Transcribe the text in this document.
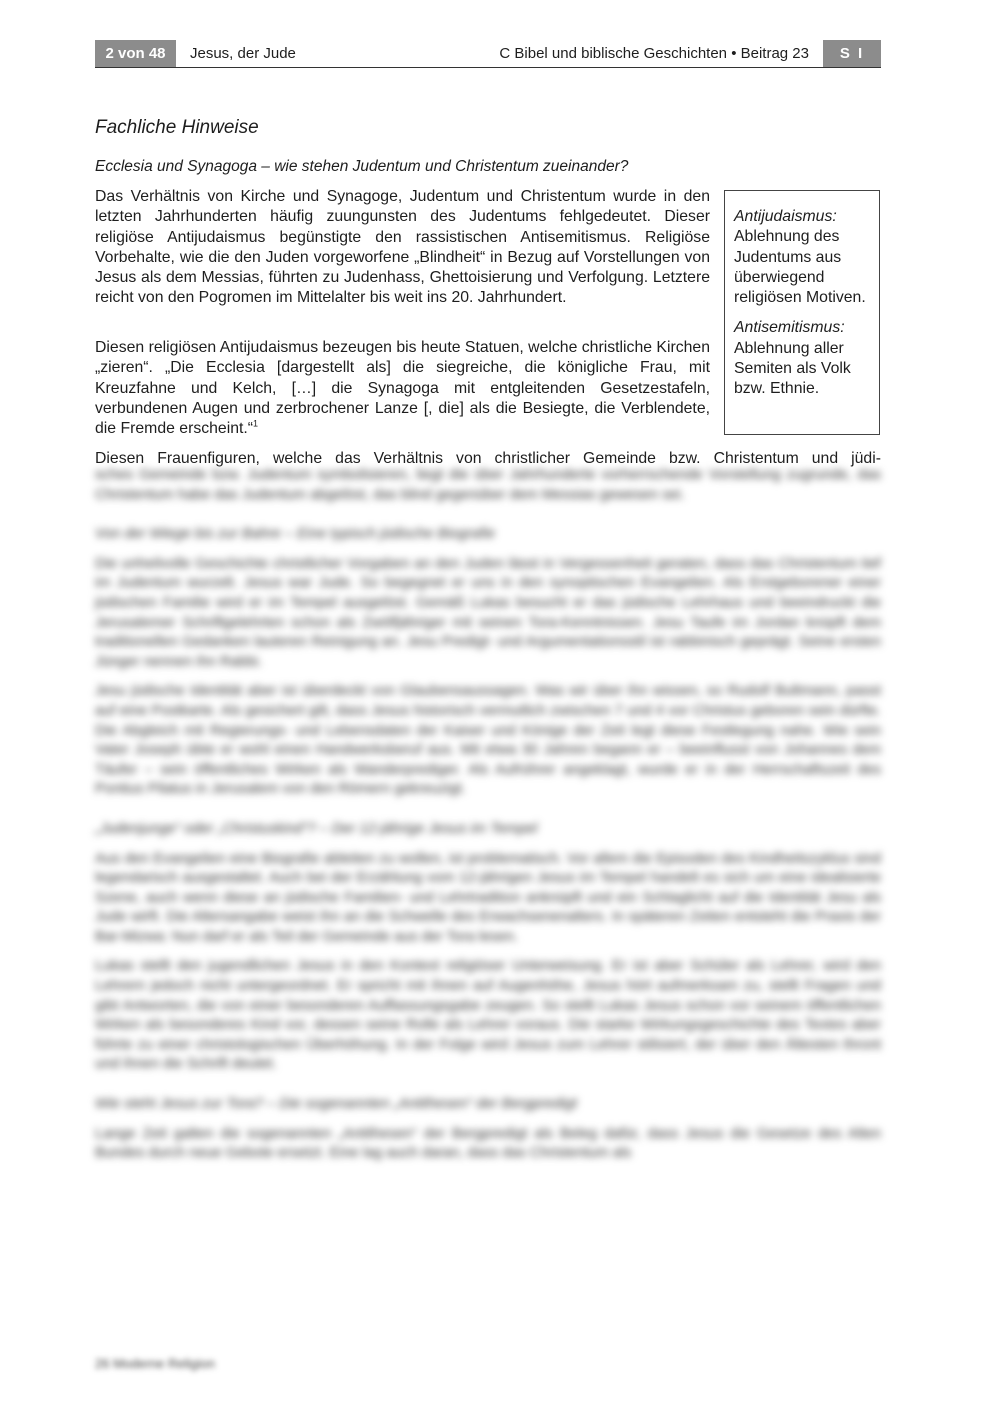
2 von 48	Jesus, der Jude	C Bibel und biblische Geschichten • Beitrag 23	S I
Fachliche Hinweise
Ecclesia und Synagoga – wie stehen Judentum und Christentum zueinander?

Das Verhältnis von Kirche und Synagoge, Judentum und Christentum wurde in den letzten Jahrhunderten häufig zuungunsten des Judentums fehlgedeutet. Dieser religiöse Antijudaismus begünstigte den rassistischen Antisemitismus. Religiöse Vorbehalte, wie die den Juden vorgeworfene „Blindheit“ in Bezug auf Vorstellungen von Jesus als dem Messias, führten zu Judenhass, Ghettoisierung und Verfolgung. Letztere reicht von den Pogromen im Mittelalter bis weit ins 20. Jahrhundert.

Diesen religiösen Antijudaismus bezeugen bis heute Statuen, welche christliche Kirchen „zieren“. „Die Ecclesia [dargestellt als] die siegreiche, die königliche Frau, mit Kreuzfahne und Kelch, […] die Synagoga mit entgleitenden Gesetzestafeln, verbundenen Augen und zerbrochener Lanze [, die] als die Besiegte, die Verblendete, die Fremde erscheint.“$^1$

Antijudaismus:
Ablehnung des Judentums aus überwiegend religiösen Motiven.
Antisemitismus:
Ablehnung aller Semiten als Volk bzw. Ethnie.
Diesen Frauenfiguren, welche das Verhältnis von christlicher Gemeinde bzw. Christentum und jüdi-

sches Gemeinde bzw. Judentum symbolisieren, liegt die über Jahrhunderte vorherrschende Vorstellung zugrunde, das Christentum habe das Judentum abgelöst, das blind gegenüber dem Messias gewesen sei.

Von der Wiege bis zur Bahre – Eine typisch jüdische Biografie

Die unheilvolle Geschichte christlicher Vorgaben an den Juden lässt in Vergessenheit geraten, dass das Christentum tief im Judentum wurzelt. Jesus war Jude. So begegnet er uns in den synoptischen Evangelien. Als Erstgeborener einer jüdischen Familie wird er im Tempel ausgelöst. Gemäß Lukas besucht er das jüdische Lehrhaus und beeindruckt die Jerusalemer Schriftgelehrten schon als Zwölfjähriger mit seinen Tora-Kenntnissen. Jesu Taufe im Jordan knüpft dem traditionellen Gedanken lauteren Reinigung an. Jesu Predigt- und Argumentationsstil ist rabbinisch geprägt. Seine ersten Jünger nennen ihn Rabbi.

Jesu jüdische Identität aber ist überdeckt von Glaubensaussagen. Was wir über ihn wissen, so Rudolf Bultmann, passt auf eine Postkarte. Als gesichert gilt, dass Jesus historisch vermutlich zwischen 7 und 4 vor Christus geboren sein dürfte. Die Abgleich mit Regierungs- und Lebensdaten der Kaiser und Könige der Zeit legt diese Festlegung nahe. Wie sein Vater Joseph übte er wohl einen Handwerksberuf aus. Mit etwa 30 Jahren begann er – beeinflusst von Johannes dem Täufer – sein öffentliches Wirken als Wanderprediger. Als Aufrührer angeklagt, wurde er in der Herrschaftszeit des Pontius Pilatus in Jerusalem von den Römern gekreuzigt.

„Judenjunge“ oder „Christuskind“? – Der 12-jährige Jesus im Tempel

Aus den Evangelien eine Biografie ableiten zu wollen, ist problematisch. Vor allem die Episoden des Kindheitszyklus sind legendarisch ausgestaltet. Auch bei der Erzählung vom 12-jährigen Jesus im Tempel handelt es sich um eine idealisierte Szene, auch wenn diese an jüdische Familien- und Lehrtradition anknüpft und ein Schlaglicht auf die Identität Jesu als Jude wirft. Die Altersangabe weist ihn an die Schwelle des Erwachsenenalters. In späteren Zeiten entsteht die Praxis der Bar-Mizwa: Nun darf er als Teil der Gemeinde aus der Tora lesen.

Lukas stellt den jugendlichen Jesus in den Kontext religiöser Unterweisung. Er ist aber Schüler als Lehrer, wird den Lehrern jedoch nicht untergeordnet. Er spricht mit ihnen auf Augenhöhe, Jesus hört aufmerksam zu, stellt Fragen und gibt Antworten, die von einer besonderen Auffassungsgabe zeugen. So stellt Lukas Jesus schon vor seinem öffentlichen Wirken als besonderes Kind vor, dessen seine Rolle als Lehrer voraus. Die starke Wirkungsgeschichte des Textes aber führte zu einer christologischen Überhöhung. In der Folge wird Jesus zum Lehrer stilisiert, der über den Ältesten thront und ihnen die Schrift deutet.

Wie steht Jesus zur Tora? – Die sogenannten „Antithesen“ der Bergpredigt

Lange Zeit galten die sogenannten „Antithesen“ der Bergpredigt als Beleg dafür, dass Jesus die Gesetze des Alten Bundes durch neue Gebote ersetzt. Eine lag auch daran, dass das Christentum als

26 Moderne Religion
